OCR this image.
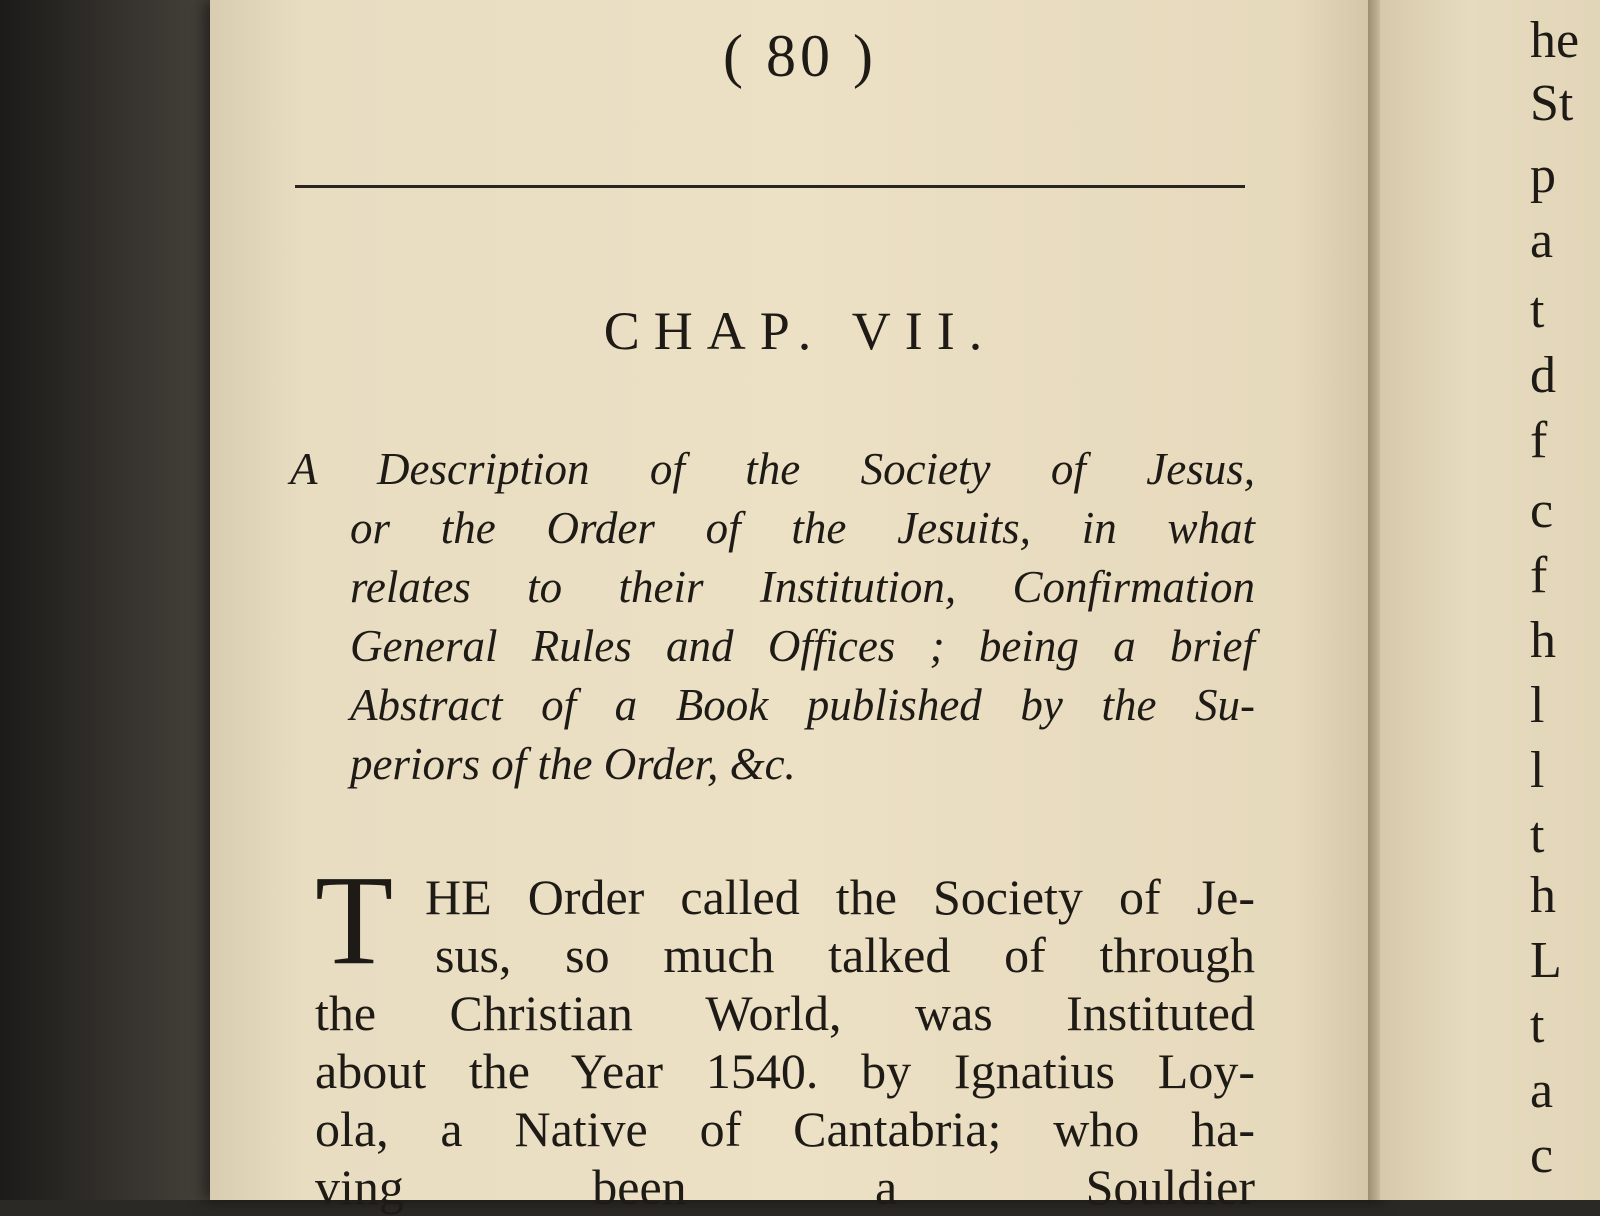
( 80 )
CHAP. VII.
A Description of the Society of Jesus,
or the Order of the Jesuits, in what
relates to their Institution, Confirmation
General Rules and Offices ; being a brief
Abstract of a Book published by the Su-
periors of the Order, &c.
T HE Order called the Society of Je-
sus, so much talked of through
the Christian World, was Instituted
about the Year 1540. by Ignatius Loy-
ola, a Native of Cantabria; who ha-
ving been a Souldier
he
St
p
a
t
d
f
c
f
h
l
l
t
h
L
t
a
c
